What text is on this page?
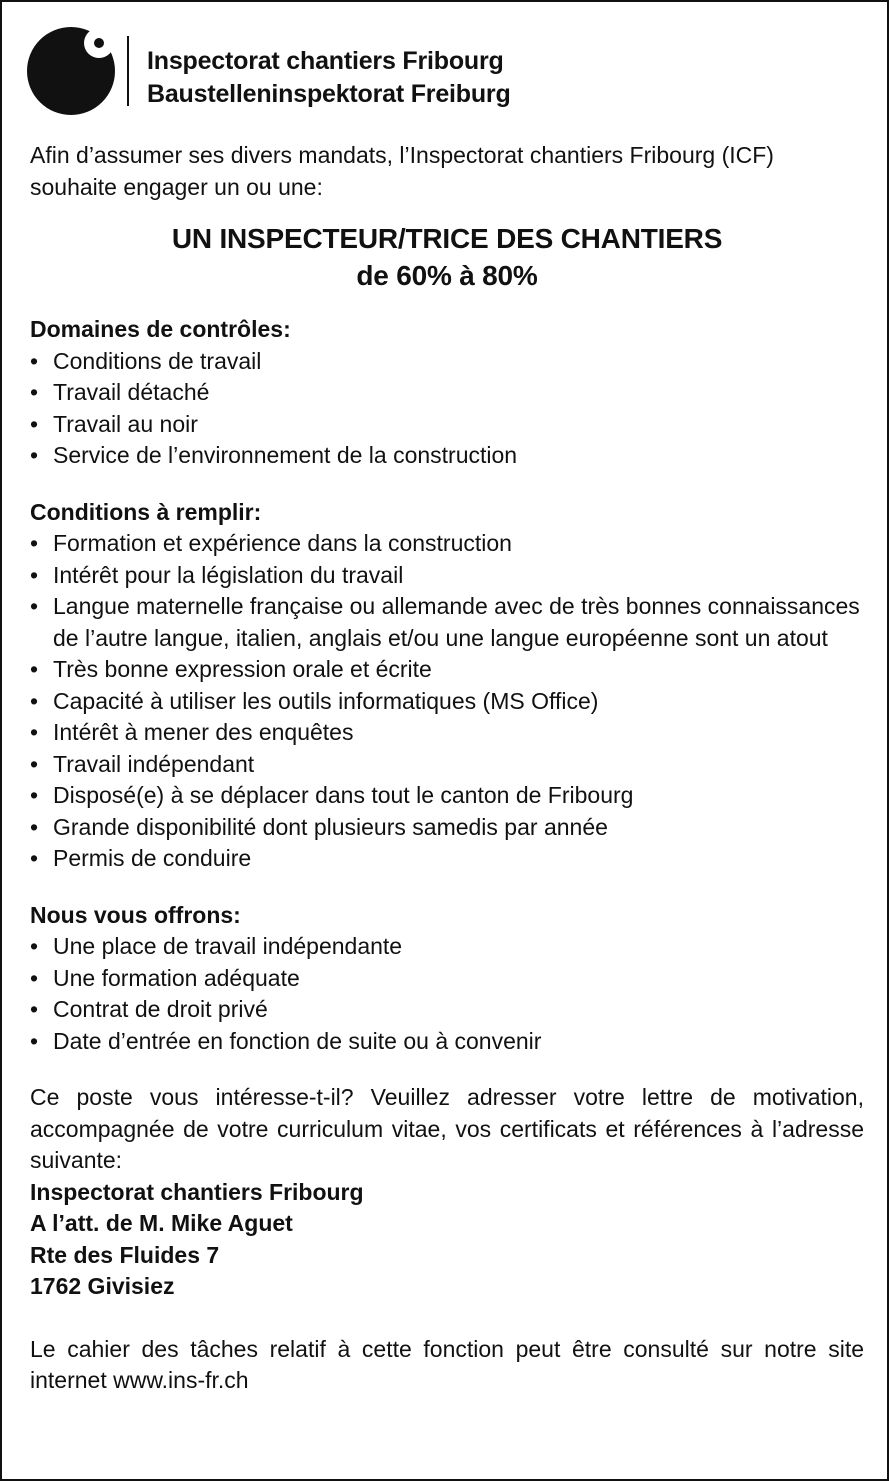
Inspectorat chantiers Fribourg
Baustelleninspektorat Freiburg

Afin d’assumer ses divers mandats, l’Inspectorat chantiers Fribourg (ICF) souhaite engager un ou une:

UN INSPECTEUR/TRICE DES CHANTIERS
de 60% à 80%

Domaines de contrôles:

• Conditions de travail
• Travail détaché
• Travail au noir
• Service de l’environnement de la construction

Conditions à remplir:

• Formation et expérience dans la construction
• Intérêt pour la législation du travail
• Langue maternelle française ou allemande avec de très bonnes connaissances de l’autre langue, italien, anglais et/ou une langue européenne sont un atout
• Très bonne expression orale et écrite
• Capacité à utiliser les outils informatiques (MS Office)
• Intérêt à mener des enquêtes
• Travail indépendant
• Disposé(e) à se déplacer dans tout le canton de Fribourg
• Grande disponibilité dont plusieurs samedis par année
• Permis de conduire

Nous vous offrons:

• Une place de travail indépendante
• Une formation adéquate
• Contrat de droit privé
• Date d’entrée en fonction de suite ou à convenir

Ce poste vous intéresse-t-il? Veuillez adresser votre lettre de motivation, accompagnée de votre curriculum vitae, vos certificats et références à l’adresse suivante:

Inspectorat chantiers Fribourg
A l’att. de M. Mike Aguet
Rte des Fluides 7
1762 Givisiez

Le cahier des tâches relatif à cette fonction peut être consulté sur notre site internet www.ins-fr.ch
